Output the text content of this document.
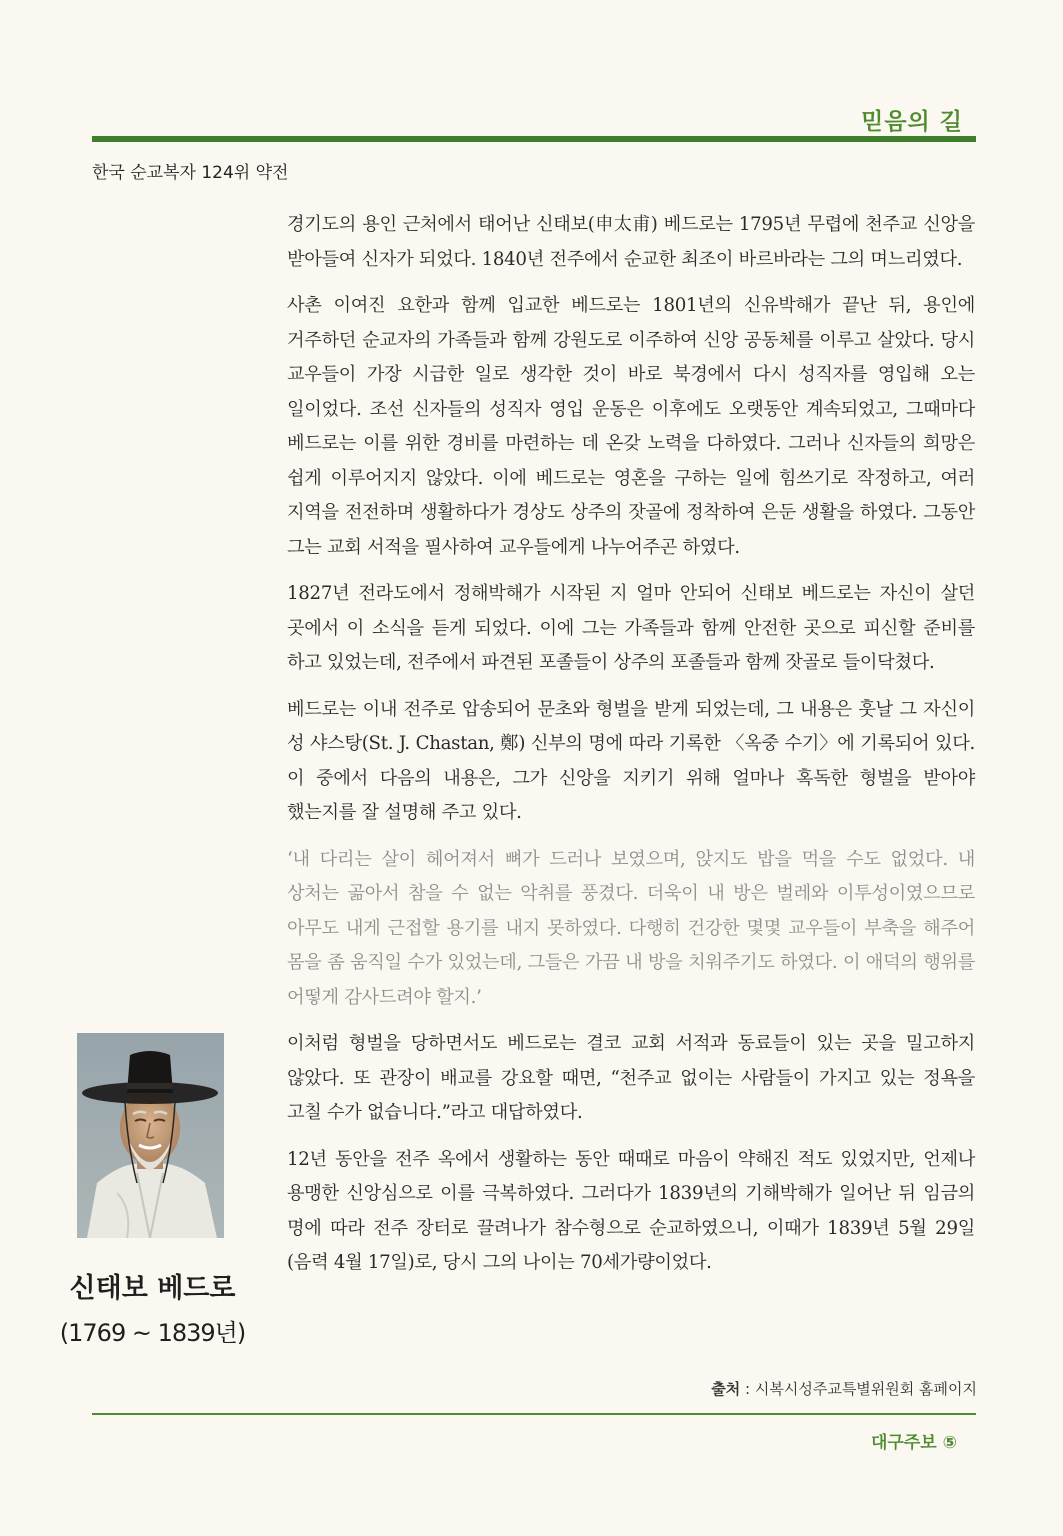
믿음의 길
한국 순교복자 124위 약전

경기도의 용인 근처에서 태어난 신태보(申太甫) 베드로는 1795년 무렵에 천주교 신앙을 받아들여 신자가 되었다. 1840년 전주에서 순교한 최조이 바르바라는 그의 며느리였다.

사촌 이여진 요한과 함께 입교한 베드로는 1801년의 신유박해가 끝난 뒤, 용인에 거주하던 순교자의 가족들과 함께 강원도로 이주하여 신앙 공동체를 이루고 살았다. 당시 교우들이 가장 시급한 일로 생각한 것이 바로 북경에서 다시 성직자를 영입해 오는 일이었다. 조선 신자들의 성직자 영입 운동은 이후에도 오랫동안 계속되었고, 그때마다 베드로는 이를 위한 경비를 마련하는 데 온갖 노력을 다하였다. 그러나 신자들의 희망은 쉽게 이루어지지 않았다. 이에 베드로는 영혼을 구하는 일에 힘쓰기로 작정하고, 여러 지역을 전전하며 생활하다가 경상도 상주의 잣골에 정착하여 은둔 생활을 하였다. 그동안 그는 교회 서적을 필사하여 교우들에게 나누어주곤 하였다.

1827년 전라도에서 정해박해가 시작된 지 얼마 안되어 신태보 베드로는 자신이 살던 곳에서 이 소식을 듣게 되었다. 이에 그는 가족들과 함께 안전한 곳으로 피신할 준비를 하고 있었는데, 전주에서 파견된 포졸들이 상주의 포졸들과 함께 잣골로 들이닥쳤다.

베드로는 이내 전주로 압송되어 문초와 형벌을 받게 되었는데, 그 내용은 훗날 그 자신이 성 샤스탕(St. J. Chastan, 鄭) 신부의 명에 따라 기록한 〈옥중 수기〉에 기록되어 있다. 이 중에서 다음의 내용은, 그가 신앙을 지키기 위해 얼마나 혹독한 형벌을 받아야 했는지를 잘 설명해 주고 있다.

‘내 다리는 살이 헤어져서 뼈가 드러나 보였으며, 앉지도 밥을 먹을 수도 없었다. 내 상처는 곪아서 참을 수 없는 악취를 풍겼다. 더욱이 내 방은 벌레와 이투성이였으므로 아무도 내게 근접할 용기를 내지 못하였다. 다행히 건강한 몇몇 교우들이 부축을 해주어 몸을 좀 움직일 수가 있었는데, 그들은 가끔 내 방을 치워주기도 하였다. 이 애덕의 행위를 어떻게 감사드려야 할지.’

이처럼 형벌을 당하면서도 베드로는 결코 교회 서적과 동료들이 있는 곳을 밀고하지 않았다. 또 관장이 배교를 강요할 때면, “천주교 없이는 사람들이 가지고 있는 정욕을 고칠 수가 없습니다.”라고 대답하였다.

12년 동안을 전주 옥에서 생활하는 동안 때때로 마음이 약해진 적도 있었지만, 언제나 용맹한 신앙심으로 이를 극복하였다. 그러다가 1839년의 기해박해가 일어난 뒤 임금의 명에 따라 전주 장터로 끌려나가 참수형으로 순교하였으니, 이때가 1839년 5월 29일(음력 4월 17일)로, 당시 그의 나이는 70세가량이었다.

신태보 베드로
(1769 ~ 1839년)
출처 : 시복시성주교특별위원회 홈페이지
대구주보 ⑤
